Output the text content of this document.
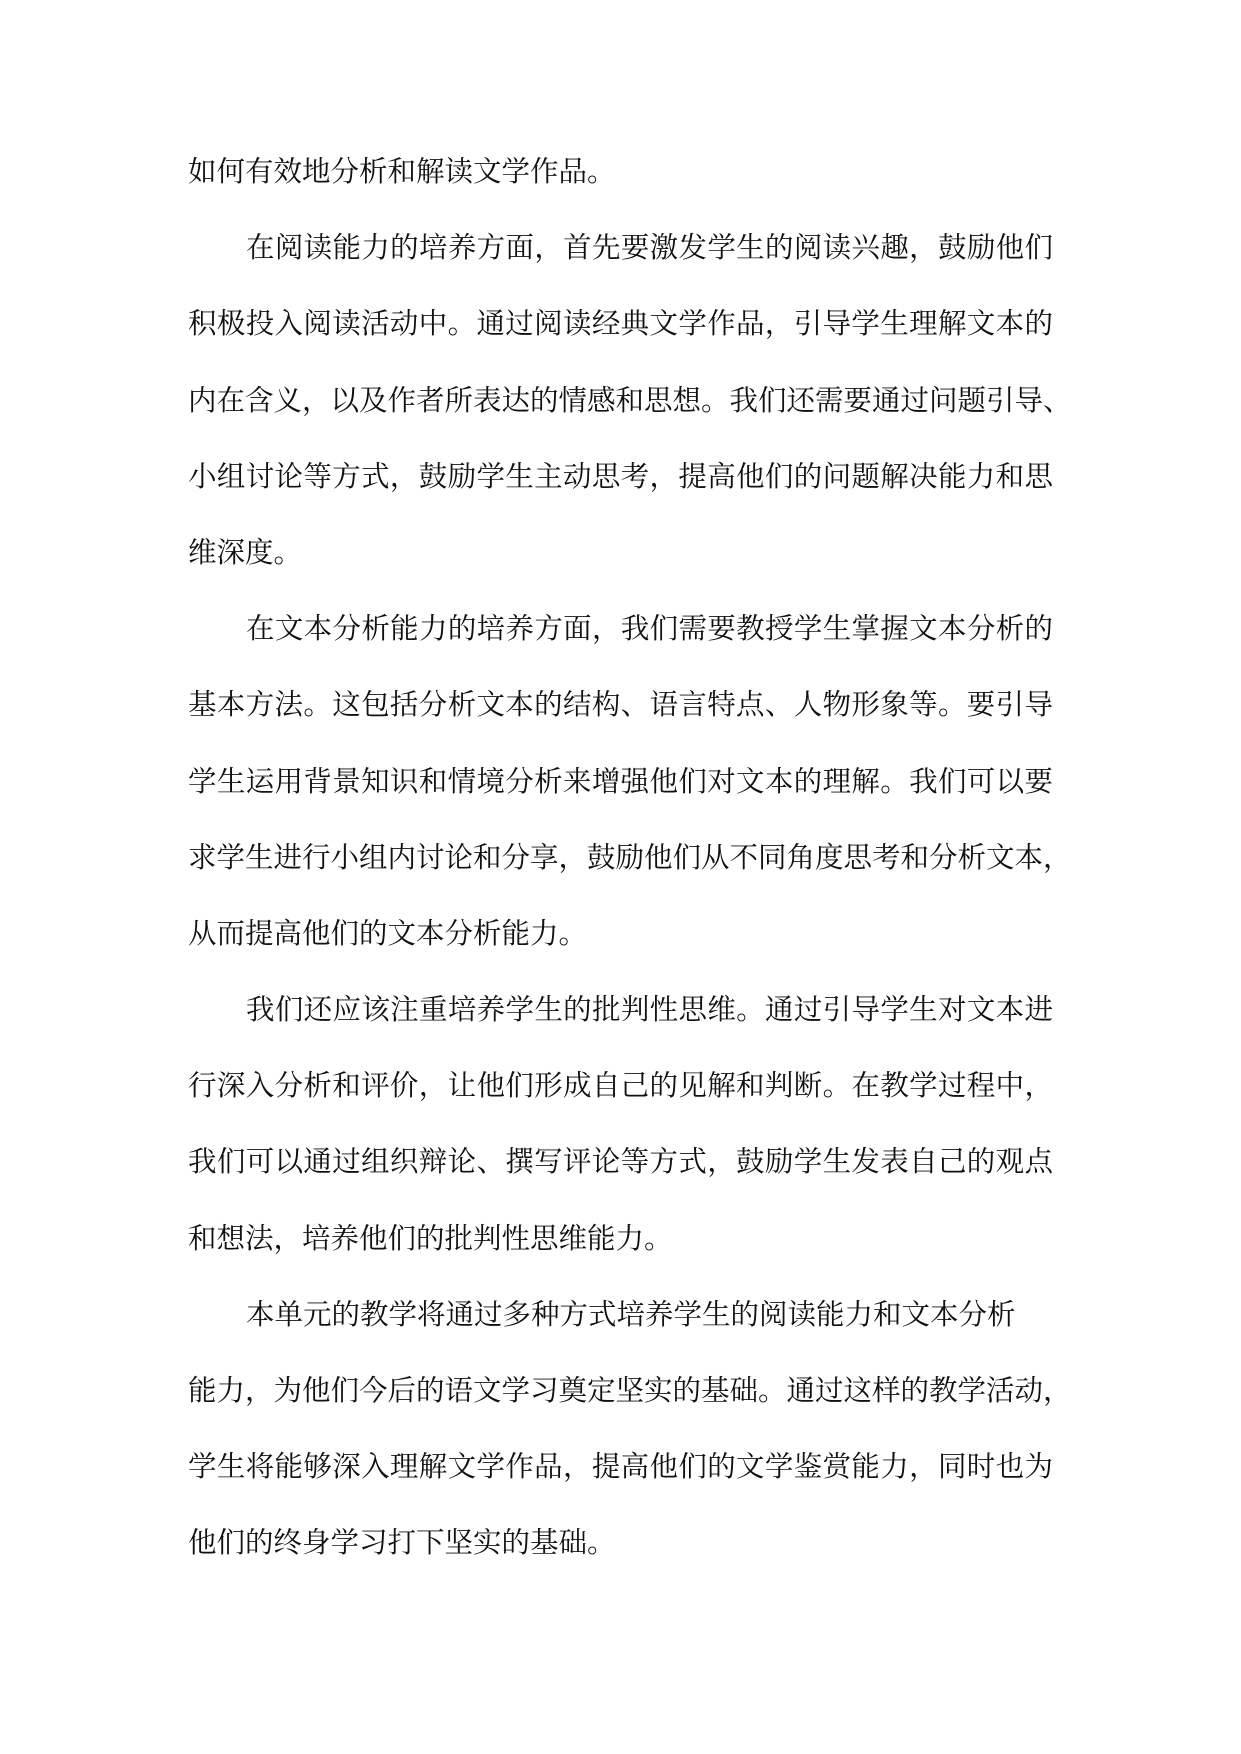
如何有效地分析和解读文学作品。
在阅读能力的培养方面，首先要激发学生的阅读兴趣，鼓励他们
积极投入阅读活动中。通过阅读经典文学作品，引导学生理解文本的
内在含义，以及作者所表达的情感和思想。我们还需要通过问题引导、
小组讨论等方式，鼓励学生主动思考，提高他们的问题解决能力和思
维深度。
在文本分析能力的培养方面，我们需要教授学生掌握文本分析的
基本方法。这包括分析文本的结构、语言特点、人物形象等。要引导
学生运用背景知识和情境分析来增强他们对文本的理解。我们可以要
求学生进行小组内讨论和分享，鼓励他们从不同角度思考和分析文本，
从而提高他们的文本分析能力。
我们还应该注重培养学生的批判性思维。通过引导学生对文本进
行深入分析和评价，让他们形成自己的见解和判断。在教学过程中，
我们可以通过组织辩论、撰写评论等方式，鼓励学生发表自己的观点
和想法，培养他们的批判性思维能力。
本单元的教学将通过多种方式培养学生的阅读能力和文本分析
能力，为他们今后的语文学习奠定坚实的基础。通过这样的教学活动，
学生将能够深入理解文学作品，提高他们的文学鉴赏能力，同时也为
他们的终身学习打下坚实的基础。
